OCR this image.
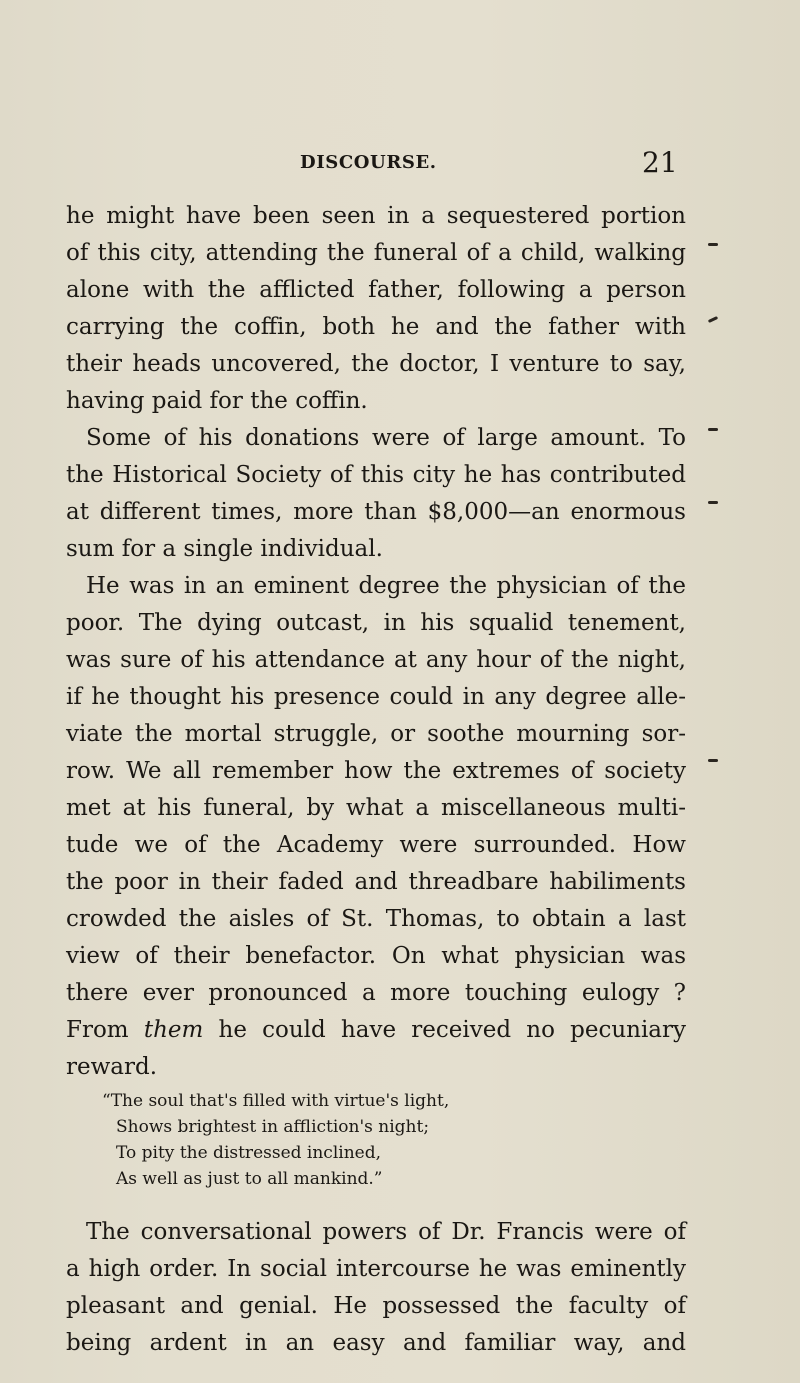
DISCOURSE.	21
he might have been seen in a sequestered portion
of this city, attending the funeral of a child, walking
alone with the afflicted father, following a person
carrying the coffin, both he and the father with
their heads uncovered, the doctor, I venture to say,
having paid for the coffin.
Some of his donations were of large amount. To
the Historical Society of this city he has contributed
at different times, more than $8,000—an enormous
sum for a single individual.
He was in an eminent degree the physician of the
poor. The dying outcast, in his squalid tenement,
was sure of his attendance at any hour of the night,
if he thought his presence could in any degree alle-
viate the mortal struggle, or soothe mourning sor-
row. We all remember how the extremes of society
met at his funeral, by what a miscellaneous multi-
tude we of the Academy were surrounded. How
the poor in their faded and threadbare habiliments
crowded the aisles of St. Thomas, to obtain a last
view of their benefactor. On what physician was
there ever pronounced a more touching eulogy ?
From them he could have received no pecuniary
reward.
“The soul that's filled with virtue's light,
Shows brightest in affliction's night;
To pity the distressed inclined,
As well as just to all mankind.”
The conversational powers of Dr. Francis were of
a high order. In social intercourse he was eminently
pleasant and genial. He possessed the faculty of
being ardent in an easy and familiar way, and
